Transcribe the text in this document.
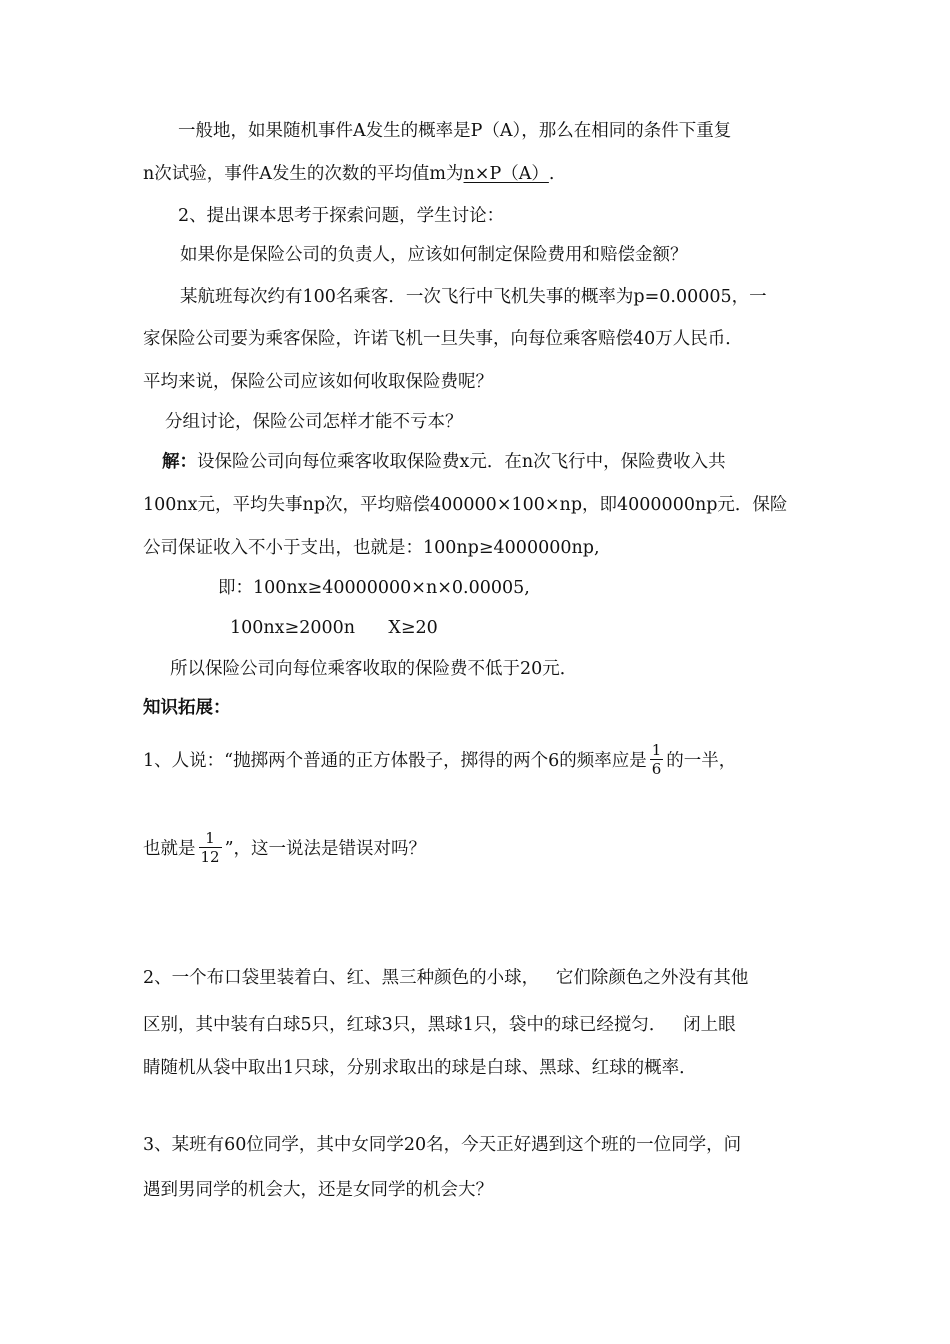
一般地，如果随机事件A发生的概率是P（A），那么在相同的条件下重复
n次试验，事件A发生的次数的平均值m为n×P（A）.
2、提出课本思考于探索问题，学生讨论：
如果你是保险公司的负责人，应该如何制定保险费用和赔偿金额？
某航班每次约有100名乘客．一次飞行中飞机失事的概率为p=0.00005，一
家保险公司要为乘客保险，许诺飞机一旦失事，向每位乘客赔偿40万人民币．
平均来说，保险公司应该如何收取保险费呢？
分组讨论，保险公司怎样才能不亏本？
解：设保险公司向每位乘客收取保险费x元．在n次飞行中，保险费收入共
100nx元，平均失事np次，平均赔偿400000×100×np，即4000000np元．保险
公司保证收入不小于支出，也就是：100np≥4000000np,
即：100nx≥40000000×n×0.00005,
100nx≥2000n      X≥20
所以保险公司向每位乘客收取的保险费不低于20元．
知识拓展：
1、人说：“抛掷两个普通的正方体骰子，掷得的两个6的频率应是 $\frac{1}{6}$ 的一半，
也就是 $\frac{1}{12}$ ”，这一说法是错误对吗？
2、一个布口袋里装着白、红、黑三种颜色的小球，   它们除颜色之外没有其他
区别，其中装有白球5只，红球3只，黑球1只，袋中的球已经搅匀．   闭上眼
睛随机从袋中取出1只球，分别求取出的球是白球、黑球、红球的概率．
3、某班有60位同学，其中女同学20名，今天正好遇到这个班的一位同学，问
遇到男同学的机会大，还是女同学的机会大？
